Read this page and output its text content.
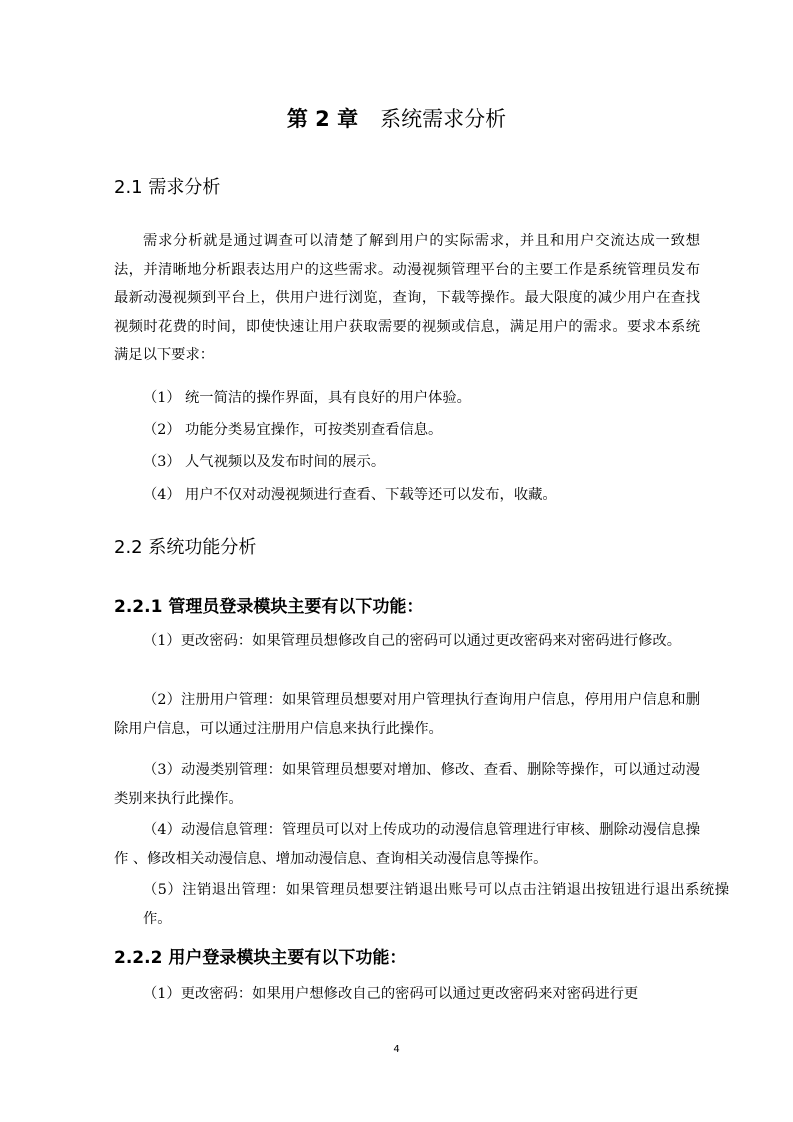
第 2 章 系统需求分析
2.1 需求分析

需求分析就是通过调查可以清楚了解到用户的实际需求，并且和用户交流达成一致想法，并清晰地分析跟表达用户的这些需求。动漫视频管理平台的主要工作是系统管理员发布最新动漫视频到平台上，供用户进行浏览，查询，下载等操作。最大限度的减少用户在查找视频时花费的时间，即使快速让用户获取需要的视频或信息，满足用户的需求。要求本系统满足以下要求：

（1） 统一简洁的操作界面，具有良好的用户体验。
（2） 功能分类易宜操作，可按类别查看信息。
（3） 人气视频以及发布时间的展示。
（4） 用户不仅对动漫视频进行查看、下载等还可以发布，收藏。
2.2 系统功能分析
2.2.1 管理员登录模块主要有以下功能：

（1）更改密码：如果管理员想修改自己的密码可以通过更改密码来对密码进行修改。

（2）注册用户管理：如果管理员想要对用户管理执行查询用户信息，停用用户信息和删除用户信息，可以通过注册用户信息来执行此操作。

（3）动漫类别管理：如果管理员想要对增加、修改、查看、删除等操作，可以通过动漫类别来执行此操作。

（4）动漫信息管理：管理员可以对上传成功的动漫信息管理进行审核、删除动漫信息操作 、修改相关动漫信息、增加动漫信息、查询相关动漫信息等操作。

（5）注销退出管理：如果管理员想要注销退出账号可以点击注销退出按钮进行退出系统操作。

2.2.2 用户登录模块主要有以下功能：

（1）更改密码：如果用户想修改自己的密码可以通过更改密码来对密码进行更

4
